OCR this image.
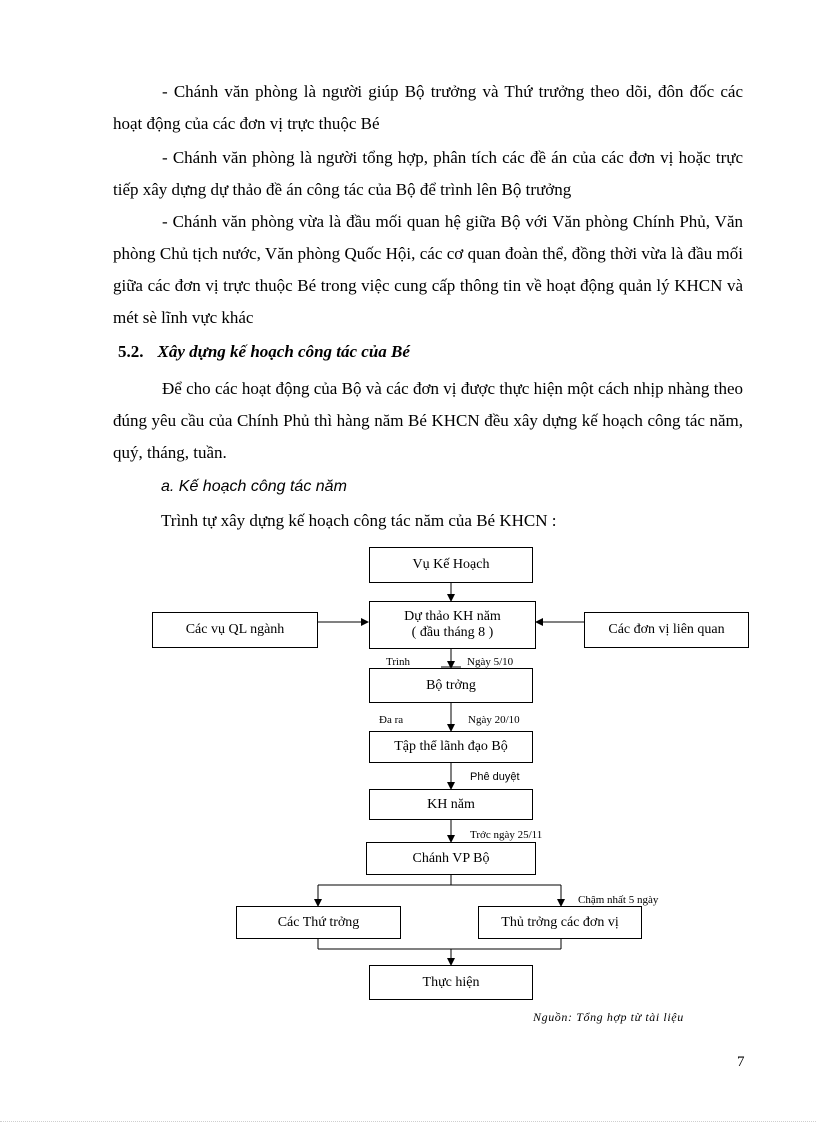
- Chánh văn phòng là người giúp Bộ trưởng và Thứ trưởng theo dõi, đôn đốc các hoạt động của các đơn vị trực thuộc Bé

- Chánh văn phòng là người tổng hợp, phân tích các đề án của các đơn vị hoặc trực tiếp xây dựng dự thảo đề án công tác của Bộ để trình lên Bộ trưởng

- Chánh văn phòng vừa là đầu mối quan hệ giữa Bộ với Văn phòng Chính Phủ, Văn phòng Chủ tịch nước, Văn phòng Quốc Hội, các cơ quan đoàn thể, đồng thời vừa là đầu mối giữa các đơn vị trực thuộc Bé trong việc cung cấp thông tin về hoạt động quản lý KHCN và mét sè lĩnh vực khác

5.2. Xây dựng kế hoạch công tác của Bé

Để cho các hoạt động của Bộ và các đơn vị được thực hiện một cách nhịp nhàng theo đúng yêu cầu của Chính Phủ thì hàng năm Bé KHCN đều xây dựng kế hoạch công tác năm, quý, tháng, tuần.

a. Kế hoạch công tác năm
Trình tự xây dựng kế hoạch công tác năm của Bé KHCN :
Vụ Kế Hoạch
Dự thảo KH năm
( đầu tháng 8 )
Các vụ QL ngành	Các đơn vị liên quan
Bộ trởng
Tập thể lãnh đạo Bộ
KH năm
Chánh VP Bộ
Các Thứ trởng	Thủ trởng các đơn vị
Thực hiện
Trình	Ngày 5/10
Đa ra	Ngày 20/10
Phê duyệt
Trớc ngày 25/11
Chậm nhất 5 ngày
Nguồn: Tổng hợp từ tài liệu
7
